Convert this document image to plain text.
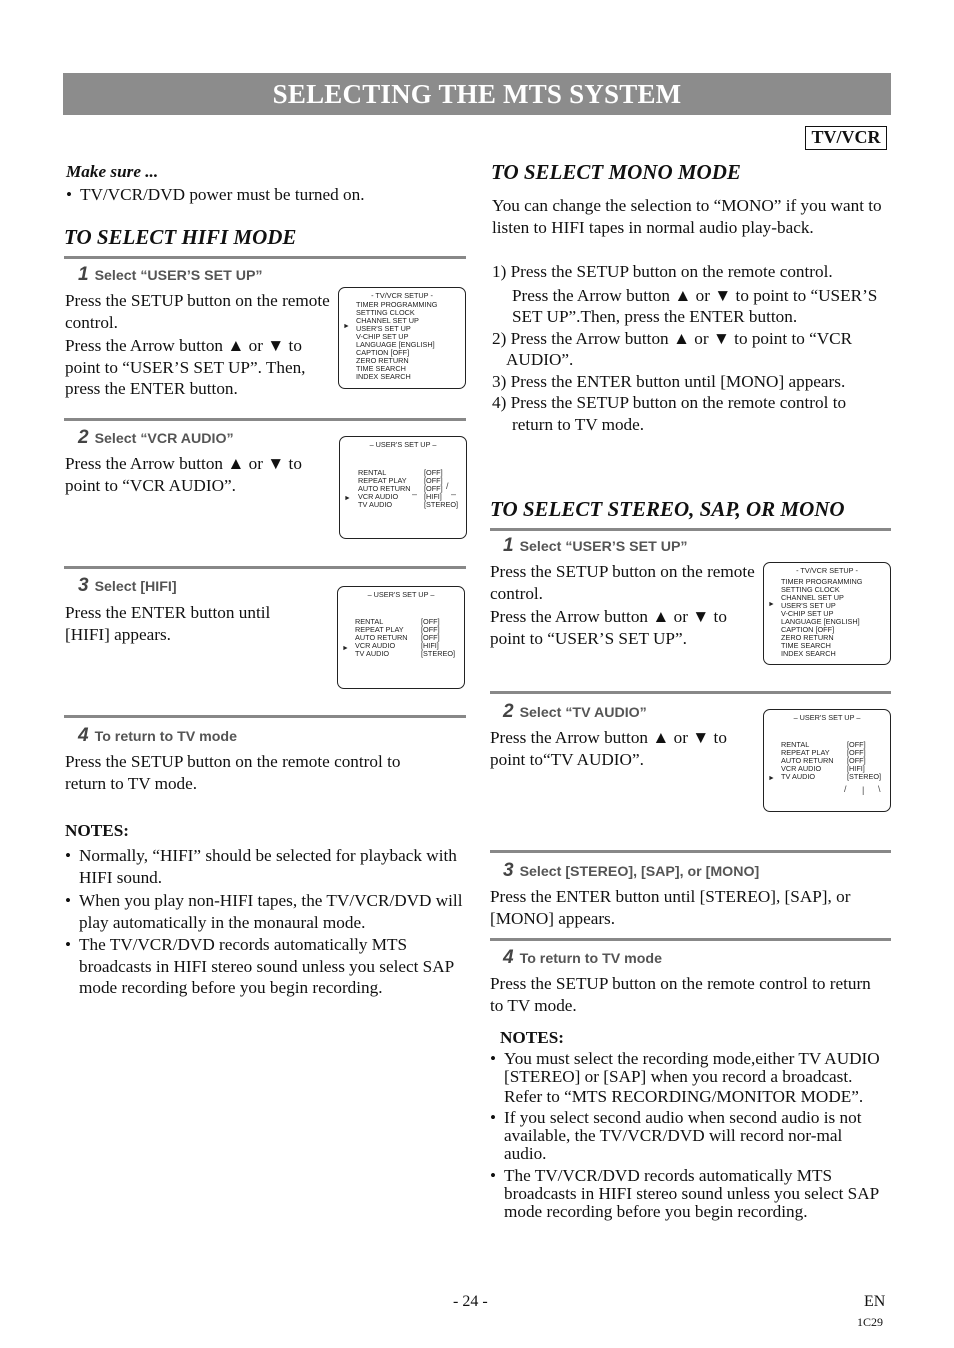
SELECTING THE MTS SYSTEM
TV/VCR
Make sure ...
• TV/VCR/DVD power must be turned on.
TO SELECT HIFI MODE
1 Select “USER’S SET UP”

Press the SETUP button on the remote control.

Press the Arrow button ▲ or ▼ to point to “USER’S SET UP”. Then, press the ENTER button.

- TV/VCR SETUP -
►
TIMER PROGRAMMING
SETTING CLOCK
CHANNEL SET UP
USER'S SET UP
V-CHIP SET UP
LANGUAGE [ENGLISH]
CAPTION [OFF]
ZERO RETURN
TIME SEARCH
INDEX SEARCH
2 Select “VCR AUDIO”
Press the Arrow button ▲ or ▼ to point to “VCR AUDIO”.
– USER'S SET UP –
►
RENTAL	[OFF]
REPEAT PLAY [OFF]
AUTO RETURN [OFF]
VCR AUDIO	[HIFI]
TV AUDIO	[STEREO]
–	–
/
3 Select [HIFI]
Press the ENTER button until [HIFI] appears.
– USER'S SET UP –
►
RENTAL	[OFF]
REPEAT PLAY [OFF]
AUTO RETURN [OFF]
VCR AUDIO	[HIFI]
TV AUDIO	[STEREO]
4 To return to TV mode
Press the SETUP button on the remote control to return to TV mode.
NOTES:
• Normally, “HIFI” should be selected for playback with HIFI sound.
• When you play non-HIFI tapes, the TV/VCR/DVD will play automatically in the monaural mode.
• The TV/VCR/DVD records automatically MTS broadcasts in HIFI stereo sound unless you select SAP mode recording before you begin recording.
TO SELECT MONO MODE
You can change the selection to “MONO” if you want to listen to HIFI tapes in normal audio play-back.
1) Press the SETUP button on the remote control.
Press the Arrow button ▲ or ▼ to point to “USER’S SET UP”.Then, press the ENTER button.
2) Press the Arrow button ▲ or ▼ to point to “VCR AUDIO”.
3) Press the ENTER button until [MONO] appears.
4) Press the SETUP button on the remote control to return to TV mode.
TO SELECT STEREO, SAP, OR MONO
1 Select “USER’S SET UP”

Press the SETUP button on the remote control.

Press the Arrow button ▲ or ▼ to point to “USER’S SET UP”.

- TV/VCR SETUP -
►
TIMER PROGRAMMING
SETTING CLOCK
CHANNEL SET UP
USER'S SET UP
V-CHIP SET UP
LANGUAGE [ENGLISH]
CAPTION [OFF]
ZERO RETURN
TIME SEARCH
INDEX SEARCH
2 Select “TV AUDIO”
Press the Arrow button ▲ or ▼ to point to“TV AUDIO”.
– USER'S SET UP –
►
RENTAL	[OFF]
REPEAT PLAY [OFF]
AUTO RETURN [OFF]
VCR AUDIO	[HIFI]
TV AUDIO	[STEREO]
/ | \
3 Select [STEREO], [SAP], or [MONO]
Press the ENTER button until [STEREO], [SAP], or [MONO] appears.
4 To return to TV mode
Press the SETUP button on the remote control to return to TV mode.
NOTES:
• You must select the recording mode,either TV AUDIO [STEREO] or [SAP] when you record a broadcast.
Refer to “MTS RECORDING/MONITOR MODE”.
• If you select second audio when second audio is not available, the TV/VCR/DVD will record nor-mal audio.
• The TV/VCR/DVD records automatically MTS broadcasts in HIFI stereo sound unless you select SAP mode recording before you begin recording.
- 24 -	EN
1C29
